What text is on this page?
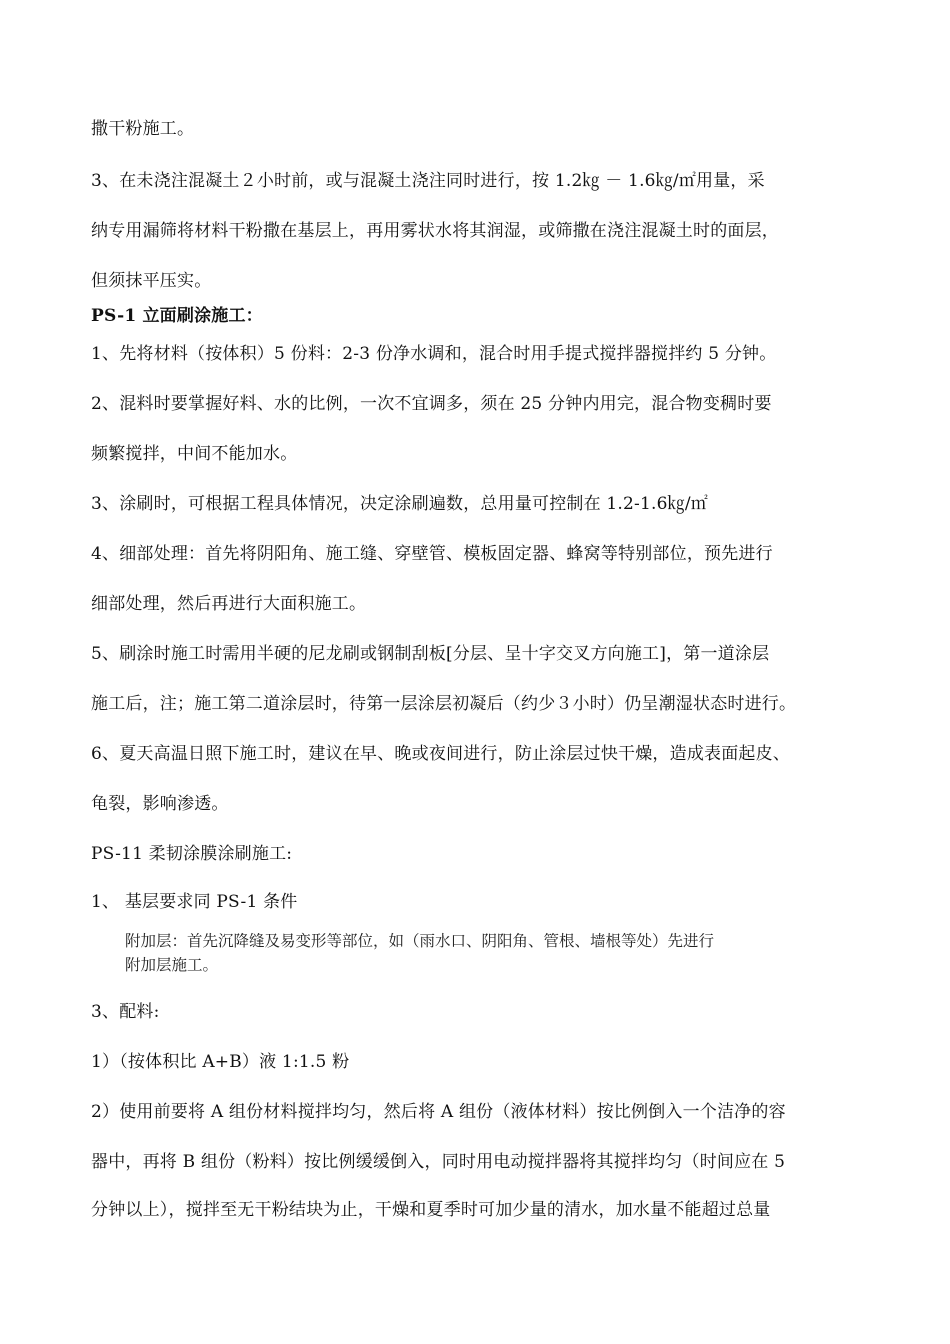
撒干粉施工。
3、在未浇注混凝土２小时前，或与混凝土浇注同时进行，按 1.2㎏ － 1.6㎏/㎡用量，采
纳专用漏筛将材料干粉撒在基层上，再用雾状水将其润湿，或筛撒在浇注混凝土时的面层，
但须抹平压实。
PS-1 立面刷涂施工：
1、先将材料（按体积）5 份料：2-3 份净水调和，混合时用手提式搅拌器搅拌约 5 分钟。
2、混料时要掌握好料、水的比例，一次不宜调多，须在 25 分钟内用完，混合物变稠时要
频繁搅拌，中间不能加水。
3、涂刷时，可根据工程具体情况，决定涂刷遍数，总用量可控制在 1.2-1.6㎏/㎡
4、细部处理：首先将阴阳角、施工缝、穿壁管、模板固定器、蜂窝等特别部位，预先进行
细部处理，然后再进行大面积施工。
5、刷涂时施工时需用半硬的尼龙刷或钢制刮板[分层、呈十字交叉方向施工]，第一道涂层
施工后，注；施工第二道涂层时，待第一层涂层初凝后（约少３小时）仍呈潮湿状态时进行。
6、夏天高温日照下施工时，建议在早、晚或夜间进行，防止涂层过快干燥，造成表面起皮、
龟裂，影响渗透。
PS-11 柔韧涂膜涂刷施工:
1、 基层要求同 PS-1 条件
附加层：首先沉降缝及易变形等部位，如（雨水口、阴阳角、管根、墙根等处）先进行
附加层施工。
3、配料:
1）（按体积比 A+B）液 1:1.5 粉
2）使用前要将 A 组份材料搅拌均匀，然后将 A 组份（液体材料）按比例倒入一个洁净的容
器中，再将 B 组份（粉料）按比例缓缓倒入，同时用电动搅拌器将其搅拌均匀（时间应在 5
分钟以上），搅拌至无干粉结块为止，干燥和夏季时可加少量的清水，加水量不能超过总量
